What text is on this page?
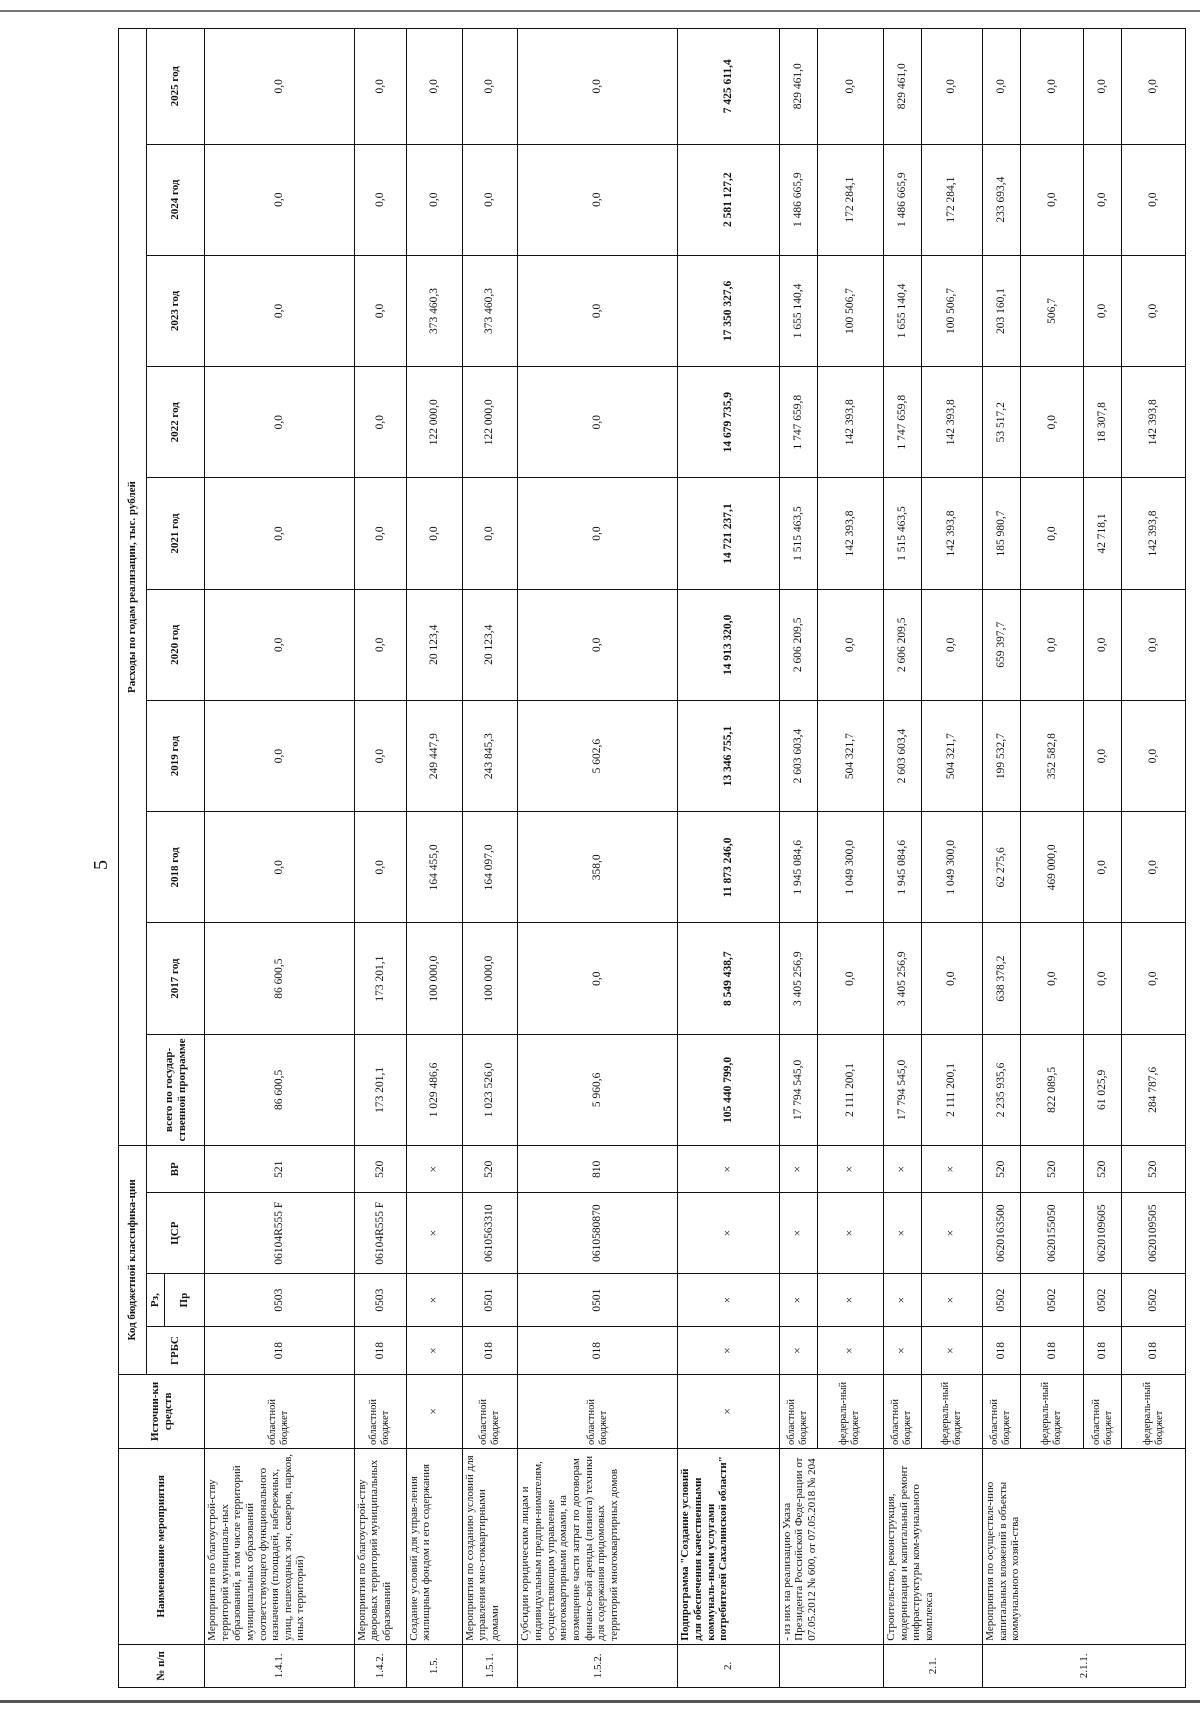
5
№ п/п	Наименование мероприятия	Источни-ки средств	Код бюджетной классифика-ции				Расходы по годам реализации, тыс. рублей									
			ГРБС	Рз,	ЦСР	ВР	всего по государ-ственной программе	2017 год	2018 год	2019 год	2020 год	2021 год	2022 год	2023 год	2024 год	2025 год
				Пр												
1.4.1.	Мероприятия по благоустрой-ству территорий муниципаль-ных образований, в том числе территорий муниципальных образований соответствующего функционального назначения (площадей, набережных, улиц, пешеходных зон, скверов, парков, иных территорий)	областной бюджет	018	0503	06104R555 F	521	86 600,5	86 600,5	0,0	0,0	0,0	0,0	0,0	0,0	0,0	0,0
1.4.2.	Мероприятия по благоустрой-ству дворовых территорий муниципальных образований	областной бюджет	018	0503	06104R555 F	520	173 201,1	173 201,1	0,0	0,0	0,0	0,0	0,0	0,0	0,0	0,0
1.5.	Создание условий для управ-ления жилищным фондом и его содержания	×	×	×	×	×	1 029 486,6	100 000,0	164 455,0	249 447,9	20 123,4	0,0	122 000,0	373 460,3	0,0	0,0
1.5.1.	Мероприятия по созданию условий для управления мно-гоквартирными домами	областной бюджет	018	0501	0610563310	520	1 023 526,0	100 000,0	164 097,0	243 845,3	20 123,4	0,0	122 000,0	373 460,3	0,0	0,0
1.5.2.	Субсидии юридическим лицам и индивидуальным предпри-нимателям, осуществляющим управление многоквартирными домами, на возмещение части затрат по договорам финансо-вой аренды (лизинга) техники для содержания придомовых территорий многоквартирных домов	областной бюджет	018	0501	0610580870	810	5 960,6	0,0	358,0	5 602,6	0,0	0,0	0,0	0,0	0,0	0,0
2.	Подпрограмма "Создание условий для обеспечения качественными коммуналь-ными услугами потребителей Сахалинской области"	×	×	×	×	×	105 440 799,0	8 549 438,7	11 873 246,0	13 346 755,1	14 913 320,0	14 721 237,1	14 679 735,9	17 350 327,6	2 581 127,2	7 425 611,4
	- из них на реализацию Указа Президента Российской Феде-рации от 07.05.2012 № 600, от 07.05.2018 № 204	областной бюджет	×	×	×	×	17 794 545,0	3 405 256,9	1 945 084,6	2 603 603,4	2 606 209,5	1 515 463,5	1 747 659,8	1 655 140,4	1 486 665,9	829 461,0
		федераль-ный бюджет	×	×	×	×	2 111 200,1	0,0	1 049 300,0	504 321,7	0,0	142 393,8	142 393,8	100 506,7	172 284,1	0,0
2.1.	Строительство, реконструкция, модернизация и капитальный ремонт инфраструктуры ком-мунального комплекса	областной бюджет	×	×	×	×	17 794 545,0	3 405 256,9	1 945 084,6	2 603 603,4	2 606 209,5	1 515 463,5	1 747 659,8	1 655 140,4	1 486 665,9	829 461,0
		федераль-ный бюджет	×	×	×	×	2 111 200,1	0,0	1 049 300,0	504 321,7	0,0	142 393,8	142 393,8	100 506,7	172 284,1	0,0
2.1.1.	Мероприятия по осуществле-нию капитальных вложений в объекты коммунального хозяй-ства	областной бюджет	018	0502	0620163500	520	2 235 935,6	638 378,2	62 275,6	199 532,7	659 397,7	185 980,7	53 517,2	203 160,1	233 693,4	0,0
		федераль-ный бюджет	018	0502	0620155050	520	822 089,5	0,0	469 000,0	352 582,8	0,0	0,0	0,0	506,7	0,0	0,0
		областной бюджет	018	0502	0620109605	520	61 025,9	0,0	0,0	0,0	0,0	42 718,1	18 307,8	0,0	0,0	0,0
		федераль-ный бюджет	018	0502	0620109505	520	284 787,6	0,0	0,0	0,0	0,0	142 393,8	142 393,8	0,0	0,0	0,0
